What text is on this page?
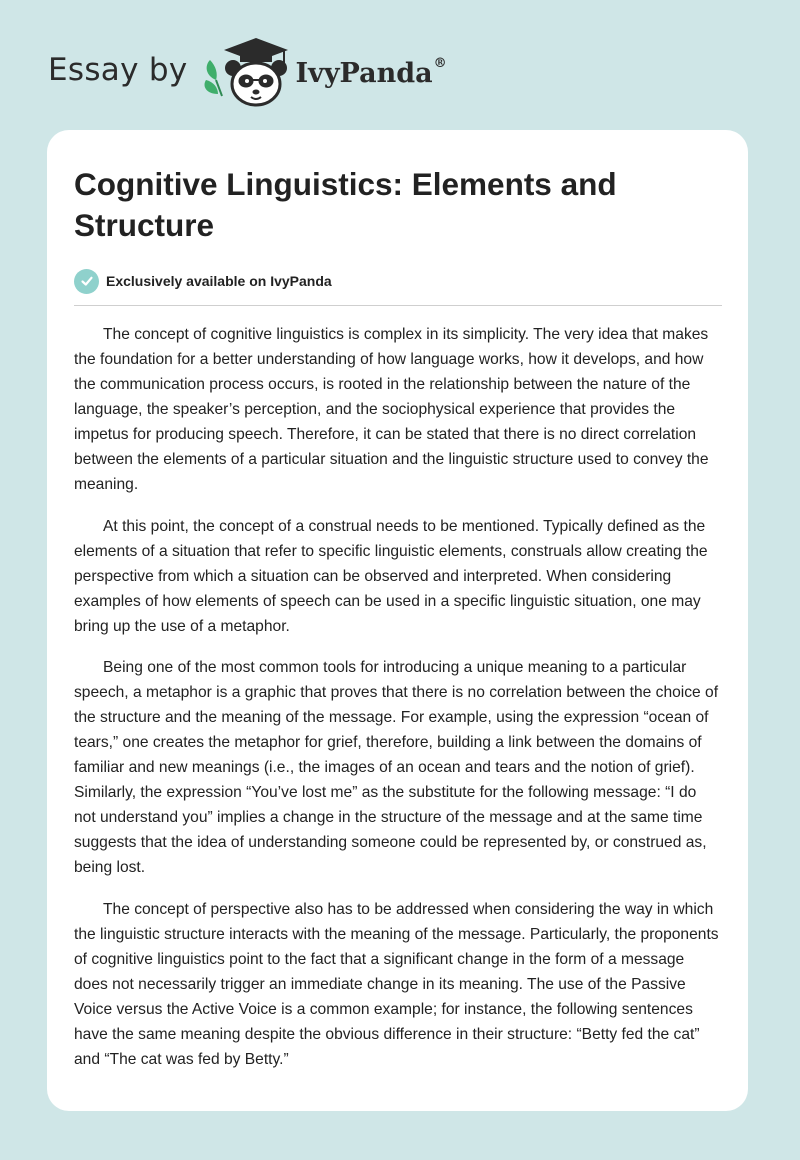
Essay by	IvyPanda®
Cognitive Linguistics: Elements and Structure
Exclusively available on IvyPanda

The concept of cognitive linguistics is complex in its simplicity. The very idea that makes the foundation for a better understanding of how language works, how it develops, and how the communication process occurs, is rooted in the relationship between the nature of the language, the speaker’s perception, and the sociophysical experience that provides the impetus for producing speech. Therefore, it can be stated that there is no direct correlation between the elements of a particular situation and the linguistic structure used to convey the meaning.

At this point, the concept of a construal needs to be mentioned. Typically defined as the elements of a situation that refer to specific linguistic elements, construals allow creating the perspective from which a situation can be observed and interpreted. When considering examples of how elements of speech can be used in a specific linguistic situation, one may bring up the use of a metaphor.

Being one of the most common tools for introducing a unique meaning to a particular speech, a metaphor is a graphic that proves that there is no correlation between the choice of the structure and the meaning of the message. For example, using the expression “ocean of tears,” one creates the metaphor for grief, therefore, building a link between the domains of familiar and new meanings (i.e., the images of an ocean and tears and the notion of grief). Similarly, the expression “You’ve lost me” as the substitute for the following message: “I do not understand you” implies a change in the structure of the message and at the same time suggests that the idea of understanding someone could be represented by, or construed as, being lost.

The concept of perspective also has to be addressed when considering the way in which the linguistic structure interacts with the meaning of the message. Particularly, the proponents of cognitive linguistics point to the fact that a significant change in the form of a message does not necessarily trigger an immediate change in its meaning. The use of the Passive Voice versus the Active Voice is a common example; for instance, the following sentences have the same meaning despite the obvious difference in their structure: “Betty fed the cat” and “The cat was fed by Betty.”
